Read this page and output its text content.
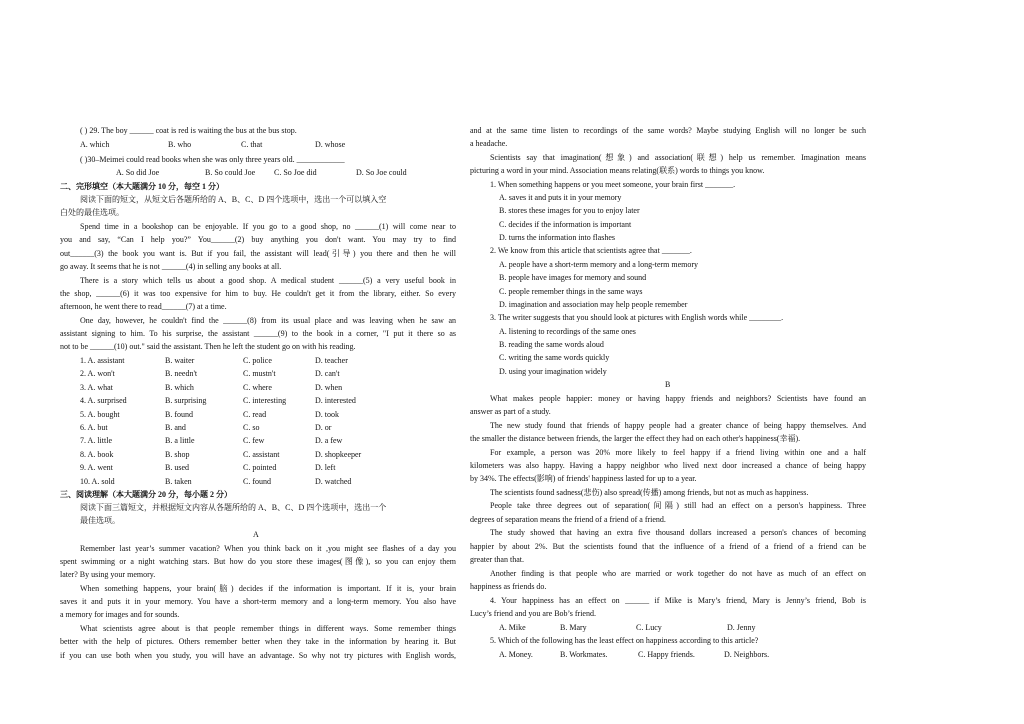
( ) 29. The boy ______ coat is red is waiting the bus at the bus stop.
A. which	B. who	C. that	D. whose
( )30–Meimei could read books when she was only three years old. ____________
A. So did Joe	B. So could Joe C. So Joe did	D. So Joe could
二、完形填空（本大题满分 10 分，每空 1 分）
阅读下面的短文，从短文后各题所给的 A、B、C、D 四个选项中，选出一个可以填入空
白处的最佳选项。
Spend time in a bookshop can be enjoyable. If you go to a good shop, no ______(1) will come near to
you and say, “Can I help you?” You______(2) buy anything you don't want. You may try to find
out______(3) the book you want is. But if you fail, the assistant will lead(引导) you there and then he will
go away. It seems that he is not ______(4) in selling any books at all.
There is a story which tells us about a good shop. A medical student ______(5) a very useful book in
the shop, ______(6) it was too expensive for him to buy. He couldn't get it from the library, either. So every
afternoon, he went there to read______(7) at a time.
One day, however, he couldn't find the ______(8) from its usual place and was leaving when he saw an
assistant signing to him. To his surprise, the assistant ______(9) to the book in a corner, "I put it there so as
not to be ______(10) out." said the assistant. Then he left the student go on with his reading.
1. A. assistant	B. waiter	C. police	D. teacher
2. A. won't	B. needn't	C. mustn't	D. can't
3. A. what	B. which	C. where	D. when
4. A. surprised	B. surprising	C. interesting	D. interested
5. A. bought	B. found	C. read	D. took
6. A. but	B. and	C. so	D. or
7. A. little	B. a little	C. few	D. a few
8. A. book	B. shop	C. assistant	D. shopkeeper
9. A. went	B. used	C. pointed	D. left
10. A. sold	B. taken	C. found	D. watched
三、阅读理解（本大题满分 20 分，每小题 2 分）
阅读下面三篇短文，并根据短文内容从各题所给的 A、B、C、D 四个选项中，选出一个
最佳选项。
A
Remember last year’s summer vacation? When you think back on it ,you might see flashes of a day you
spent swimming or a night watching stars. But how do you store these images(图像), so you can enjoy them
later? By using your memory.
When something happens, your brain(脑) decides if the information is important. If it is, your brain
saves it and puts it in your memory. You have a short-term memory and a long-term memory. You also have
a memory for images and for sounds.
What scientists agree about is that people remember things in different ways. Some remember things
better with the help of pictures. Others remember better when they take in the information by hearing it. But
if you can use both when you study, you will have an advantage. So why not try pictures with English words,
and at the same time listen to recordings of the same words? Maybe studying English will no longer be such
a headache.
Scientists say that imagination(想象) and association(联想) help us remember. Imagination means
picturing a word in your mind. Association means relating(联系) words to things you know.
1. When something happens or you meet someone, your brain first _______.
A. saves it and puts it in your memory
B. stores these images for you to enjoy later
C. decides if the information is important
D. turns the information into flashes
2. We know from this article that scientists agree that _______.
A. people have a short-term memory and a long-term memory
B. people have images for memory and sound
C. people remember things in the same ways
D. imagination and association may help people remember
3. The writer suggests that you should look at pictures with English words while ________.
A. listening to recordings of the same ones
B. reading the same words aloud
C. writing the same words quickly
D. using your imagination widely
B
What makes people happier: money or having happy friends and neighbors? Scientists have found an
answer as part of a study.
The new study found that friends of happy people had a greater chance of being happy themselves. And
the smaller the distance between friends, the larger the effect they had on each other's happiness(幸福).
For example, a person was 20% more likely to feel happy if a friend living within one and a half
kilometers was also happy. Having a happy neighbor who lived next door increased a chance of being happy
by 34%. The effects(影响) of friends' happiness lasted for up to a year.
The scientists found sadness(悲伤) also spread(传播) among friends, but not as much as happiness.
People take three degrees out of separation(间隔) still had an effect on a person's happiness. Three
degrees of separation means the friend of a friend of a friend.
The study showed that having an extra five thousand dollars increased a person's chances of becoming
happier by about 2%. But the scientists found that the influence of a friend of a friend of a friend can be
greater than that.
Another finding is that people who are married or work together do not have as much of an effect on
happiness as friends do.
4. Your happiness has an effect on ______ if Mike is Mary’s friend, Mary is Jenny’s friend, Bob is
Lucy’s friend and you are Bob’s friend.
A. Mike	B. Mary	C. Lucy	D. Jenny
5. Which of the following has the least effect on happiness according to this article?
A. Money.	B. Workmates.	C. Happy friends.	D. Neighbors.
